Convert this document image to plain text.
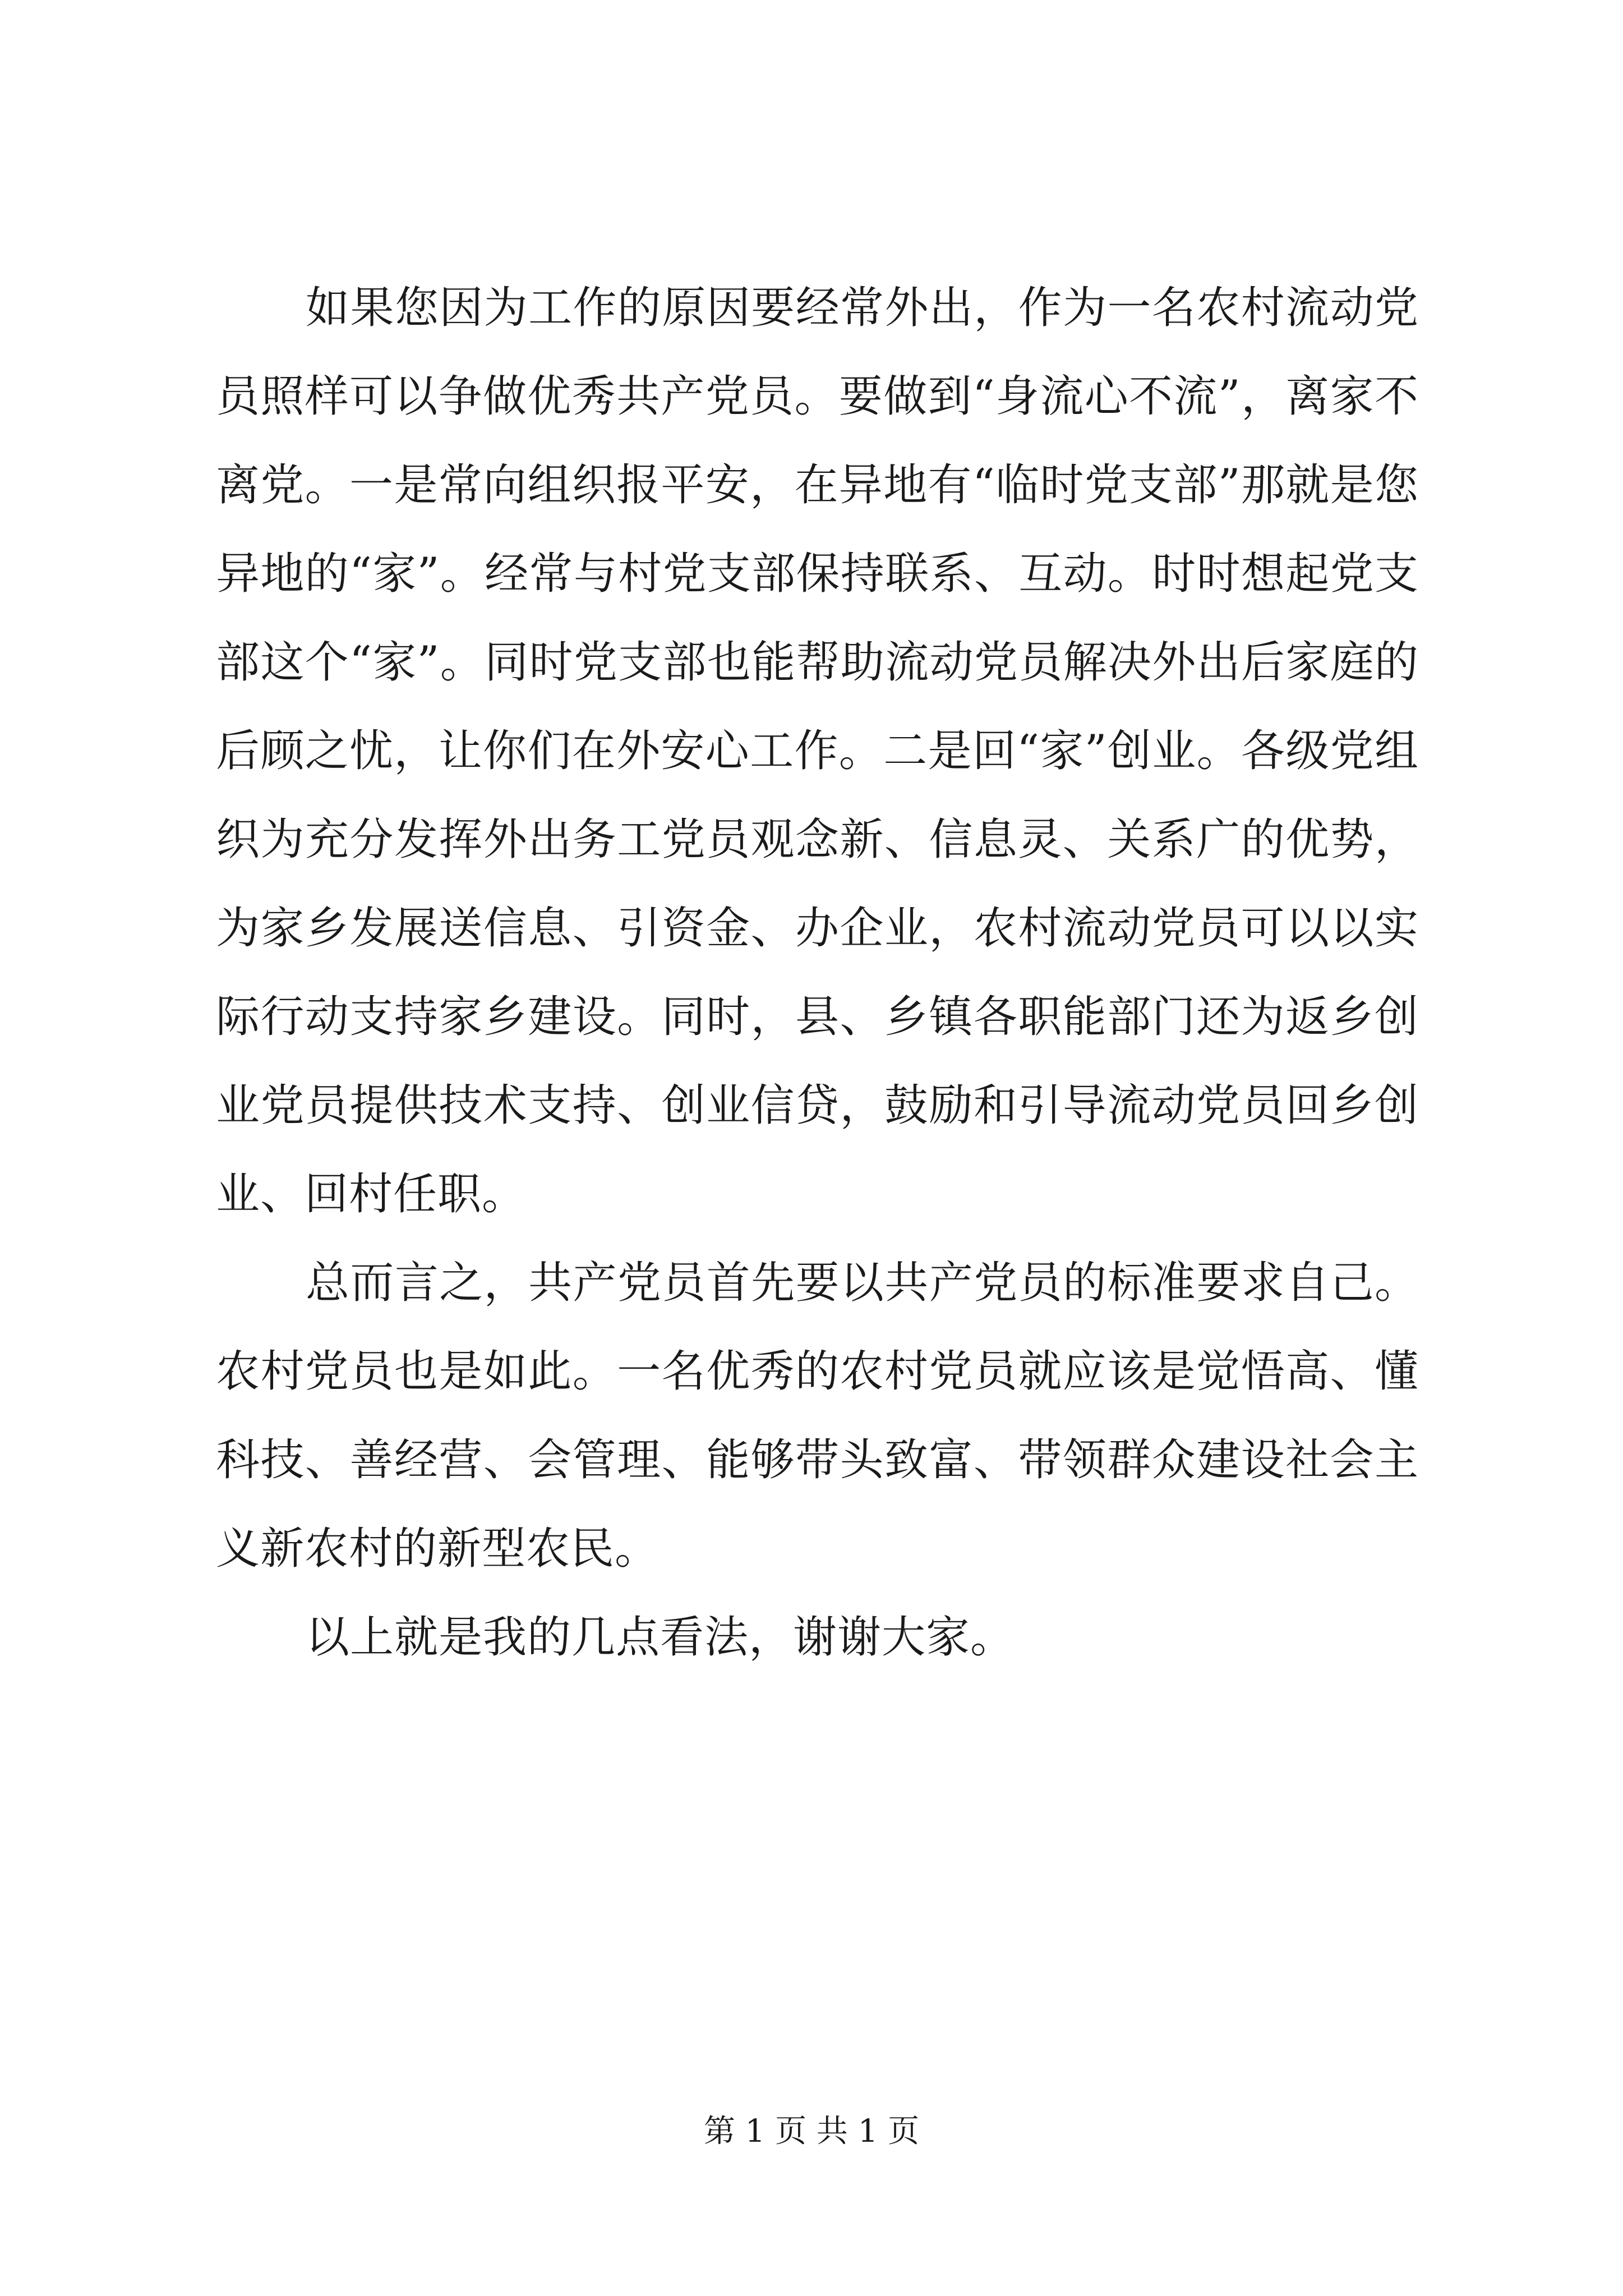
如果您因为工作的原因要经常外出，作为一名农村流动党员照样可以争做优秀共产党员。要做到“身流心不流”，离家不离党。一是常向组织报平安，在异地有“临时党支部”那就是您异地的“家”。经常与村党支部保持联系、互动。时时想起党支部这个“家”。同时党支部也能帮助流动党员解决外出后家庭的后顾之忧，让你们在外安心工作。二是回“家”创业。各级党组织为充分发挥外出务工党员观念新、信息灵、关系广的优势，为家乡发展送信息、引资金、办企业，农村流动党员可以以实际行动支持家乡建设。同时，县、乡镇各职能部门还为返乡创业党员提供技术支持、创业信贷，鼓励和引导流动党员回乡创业、回村任职。

总而言之，共产党员首先要以共产党员的标准要求自己。农村党员也是如此。一名优秀的农村党员就应该是觉悟高、懂科技、善经营、会管理、能够带头致富、带领群众建设社会主义新农村的新型农民。

以上就是我的几点看法，谢谢大家。

第 1 页 共 1 页
